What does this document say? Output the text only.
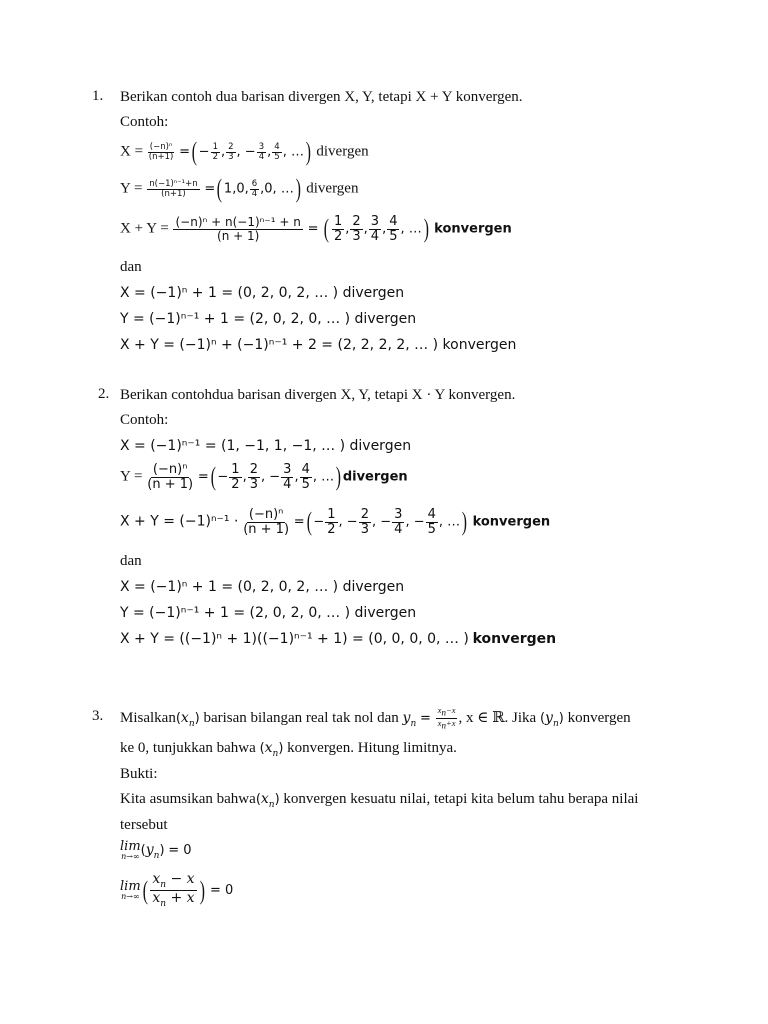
1. Berikan contoh dua barisan divergen X, Y, tetapi X + Y konvergen.
Contoh:
$X = \frac{\text{(−n)ⁿ}}{(n+1)}$ =( − $\frac{1}{2}$ , $\frac{2}{3}$ , − $\frac{3}{4}$ , $\frac{4}{5}$ , …) divergen
$Y = \frac{\text{n(−1)ⁿ⁻¹+n}}{(n+1)}$ =( 1,0, $\frac{6}{4} ,0$, …) divergen
$X + Y = \frac{\text{(−n)ⁿ + n(−1)ⁿ⁻¹ + n}}{(n + 1)}$ = ( $\frac{1}{2}$ , $\frac{2}{3}$ , $\frac{3}{4}$ , $\frac{4}{5}$ , …) konvergen
dan
X = (−1)ⁿ + 1 = (0, 2, 0, 2, … ) divergen
Y = (−1)ⁿ⁻¹ + 1 = (2, 0, 2, 0, … ) divergen
X + Y = (−1)ⁿ + (−1)ⁿ⁻¹ + 2 = (2, 2, 2, 2, … ) konvergen
2. Berikan contohdua barisan divergen X, Y, tetapi X · Y konvergen.
Contoh:
X = (−1)ⁿ⁻¹ = (1, −1, 1, −1, … ) divergen
$Y = \frac{\text{(−n)ⁿ}}{(n + 1)}$ =( − $\frac{1}{2}$ , $\frac{2}{3}$ , − $\frac{3}{4}$ , $\frac{4}{5}$ , …) divergen
$X + Y = (-1)^{n-1} \cdot \frac{\text{(−n)ⁿ}}{(n + 1)}$ =( − $\frac{1}{2}$ , − $\frac{2}{3}$ , − $\frac{3}{4}$ , − $\frac{4}{5}$ , …) konvergen
dan
X = (−1)ⁿ + 1 = (0, 2, 0, 2, … ) divergen
Y = (−1)ⁿ⁻¹ + 1 = (2, 0, 2, 0, … ) divergen
X + Y = ((−1)ⁿ + 1)((−1)ⁿ⁻¹ + 1) = (0, 0, 0, 0, … ) konvergen
3. $Misalkan(x_n)$ barisan bilangan real tak nol dan $y_n = \frac{x_n-x}{x_n+x}$ , x ∈ ℝ. Jika $(y_n)$ konvergen
ke 0, tunjukkan bahwa $(x_n)$ konvergen. Hitung limitnya.
Bukti:
Kita asumsikan $bahwa(x_n)$ konvergen kesuatu nilai, tetapi kita belum tahu berapa nilai
tersebut
lim
n→∞ $(y_n) = 0$
lim
n→∞ ( $\frac{x_n - x}{x_n + x}$ ) = 0
